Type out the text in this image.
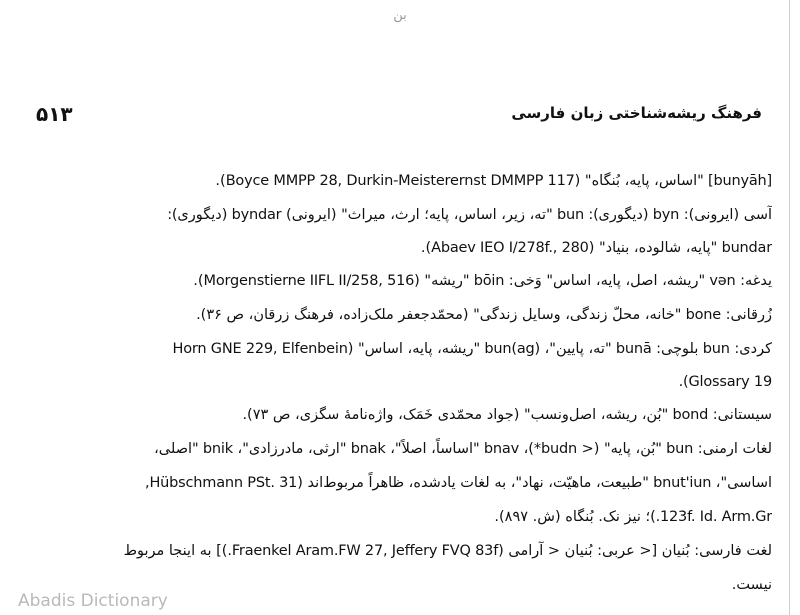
بن
۵۱۳	فرهنگ ریشه‌شناختی زبان فارسی
[bunyāh] "اساس، پایه، بُنگاه" (Boyce MMPP 28, Durkin-Meisterernst DMMPP 117).
آسی (ایرونی): byn (دیگوری): bun "ته، زیر، اساس، پایه؛ ارث، میراث" (ایرونی) byndar (دیگوری):
bundar "پایه، شالوده، بنیاد" (Abaev IEO I/278f., 280).
یدغه: vən "ریشه، اصل، پایه، اساس" وَخی: bōin "ریشه" (Morgenstierne IIFL II/258, 516).
زُرقانی: bone "خانه، محلّ زندگی، وسایل زندگی" (محمّدجعفر ملک‌زاده، فرهنگ زرقان، ص ۳۶).
کردی: bun بلوچی: bunā "ته، پایین"، bun(ag) "ریشه، پایه، اساس" (Horn GNE 229, Elfenbein
Glossary 19).
سیستانی: bond "بُن، ریشه، اصل‌ونسب" (جواد محمّدی خَمَک، واژه‌نامهٔ سگزی، ص ۷۳).
لغات ارمنی: bun "بُن، پایه" (< budn*)، bnav "اساساً، اصلاً"، bnak "ارثی، مادرزادی"، bnik "اصلی،
اساسی"، bnut'iun "طبیعت، ماهیّت، نهاد"، به لغات یادشده، ظاهراً مربوط‌اند (Hübschmann PSt. 31,
123f. Id. Arm.Gr.)؛ نیز نک. بُنگاه (ش. ۸۹۷).
لغت فارسی: بُنیان [< عربی: بُنیان < آرامی (Fraenkel Aram.FW 27, Jeffery FVQ 83f.)] به اینجا مربوط
نیست.
Abadis Dictionary
